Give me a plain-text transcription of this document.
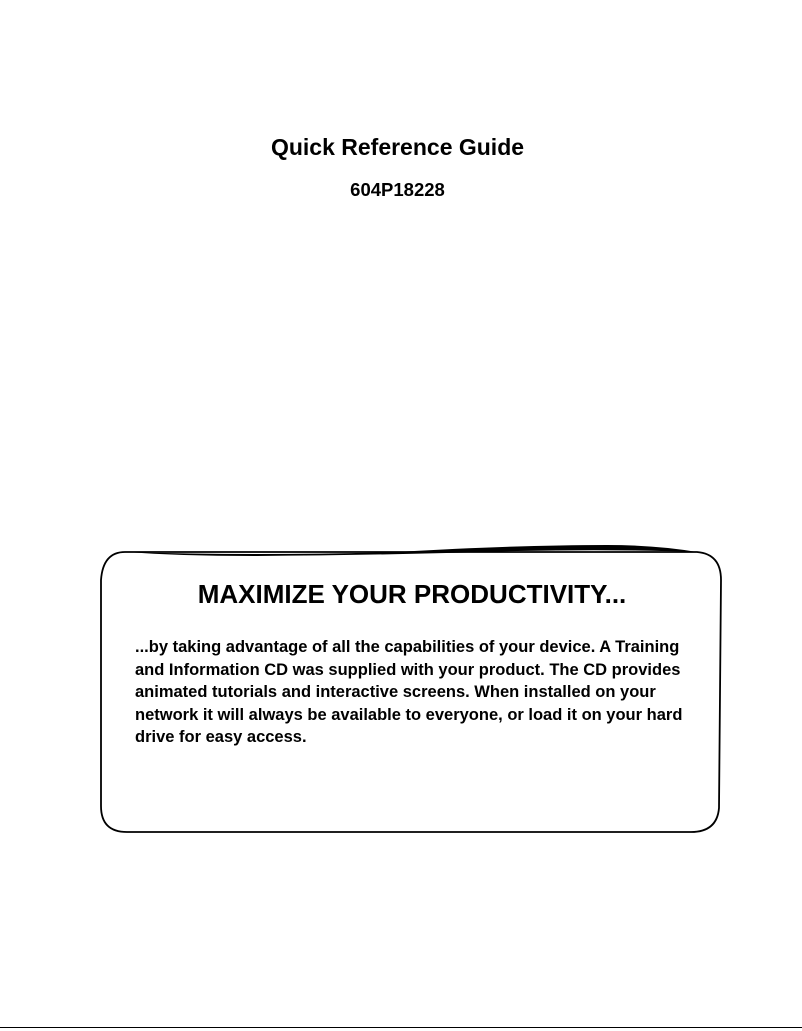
Quick Reference Guide
604P18228
MAXIMIZE YOUR PRODUCTIVITY...

...by taking advantage of all the capabilities of your device. A Training and Information CD was supplied with your product. The CD provides animated tutorials and interactive screens. When installed on your network it will always be available to everyone, or load it on your hard drive for easy access.
